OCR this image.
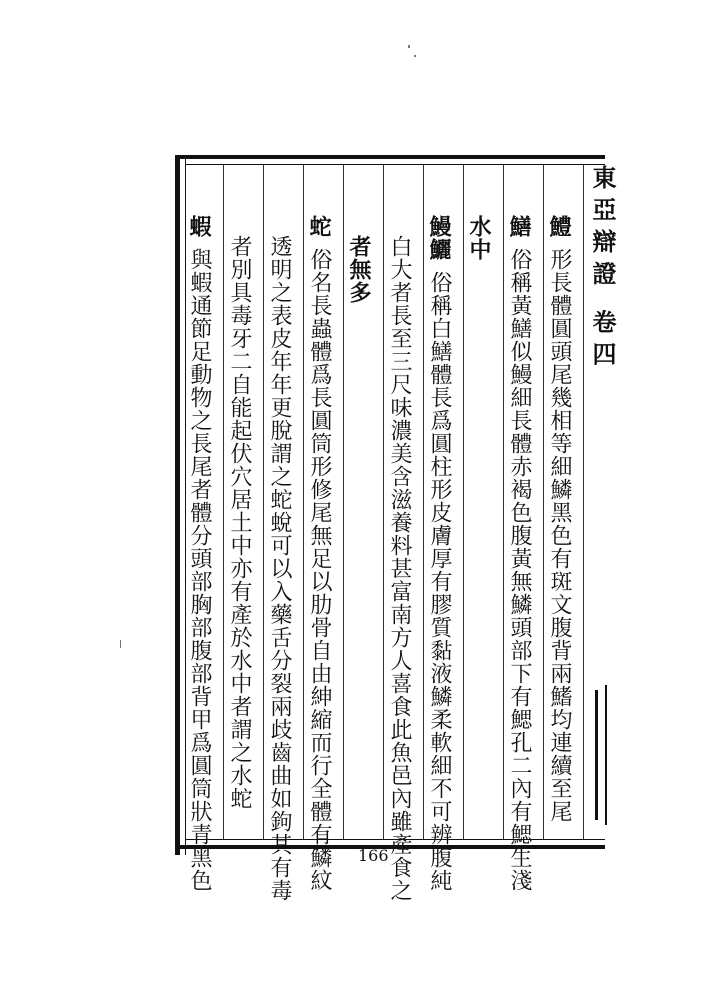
鱧形長體圓頭尾幾相等細鱗黑色有斑文腹背兩鰭均連續至尾
鱔俗稱黃鱔似鰻細長體赤褐色腹黃無鱗頭部下有鰓孔二內有鰓生淺
水中
鰻鱺俗稱白鱔體長爲圓柱形皮膚厚有膠質黏液鱗柔軟細不可辨腹純
白大者長至三尺味濃美含滋養料甚富南方人喜食此魚邑內雖產食之
者無多
蛇俗名長蟲體爲長圓筒形修尾無足以肋骨自由紳縮而行全體有鱗紋
透明之表皮年年更脫謂之蛇蛻可以入藥舌分裂兩歧齒曲如鉤其有毒
者別具毒牙二自能起伏穴居土中亦有產於水中者謂之水蛇
蝦與蝦通節足動物之長尾者體分頭部胸部腹部背甲爲圓筒狀青黑色	東亞辯證 卷四
166
